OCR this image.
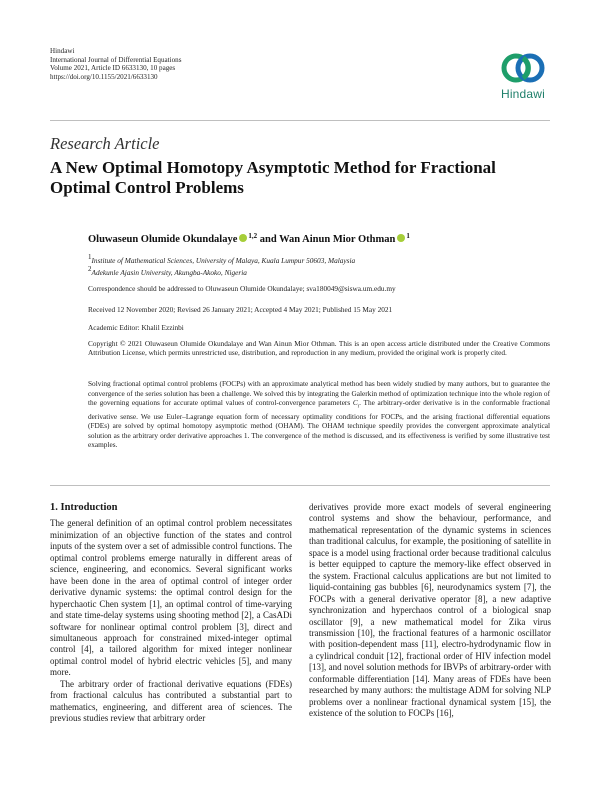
Hindawi
International Journal of Differential Equations
Volume 2021, Article ID 6633130, 10 pages
https://doi.org/10.1155/2021/6633130
Hindawi
Research Article
A New Optimal Homotopy Asymptotic Method for Fractional Optimal Control Problems
Oluwaseun Olumide Okundalaye $^{1,2}$ and Wan Ainun Mior Othman $^1$
1Institute of Mathematical Sciences, University of Malaya, Kuala Lumpur 50603, Malaysia
2Adekunle Ajasin University, Akungba-Akoko, Nigeria
Correspondence should be addressed to Oluwaseun Olumide Okundalaye; sva180049@siswa.um.edu.my
Received 12 November 2020; Revised 26 January 2021; Accepted 4 May 2021; Published 15 May 2021
Academic Editor: Khalil Ezzinbi
Copyright © 2021 Oluwaseun Olumide Okundalaye and Wan Ainun Mior Othman. This is an open access article distributed under the Creative Commons Attribution License, which permits unrestricted use, distribution, and reproduction in any medium, provided the original work is properly cited.
Solving fractional optimal control problems (FOCPs) with an approximate analytical method has been widely studied by many authors, but to guarantee the convergence of the series solution has been a challenge. We solved this by integrating the Galerkin method of optimization technique into the whole region of the governing equations for accurate optimal values of control-convergence parameters $C_i$. The arbitrary-order derivative is in the conformable fractional derivative sense. We use Euler–Lagrange equation form of necessary optimality conditions for FOCPs, and the arising fractional differential equations (FDEs) are solved by optimal homotopy asymptotic method (OHAM). The OHAM technique speedily provides the convergent approximate analytical solution as the arbitrary order derivative approaches 1. The convergence of the method is discussed, and its effectiveness is verified by some illustrative test examples.
1. Introduction

The general definition of an optimal control problem necessitates minimization of an objective function of the states and control inputs of the system over a set of admissible control functions. The optimal control problems emerge naturally in different areas of science, engineering, and economics. Several significant works have been done in the area of optimal control of integer order derivative dynamic systems: the optimal control design for the hyperchaotic Chen system [1], an optimal control of time-varying and state time-delay systems using shooting method [2], a CasADi software for nonlinear optimal control problem [3], direct and simultaneous approach for constrained mixed-integer optimal control [4], a tailored algorithm for mixed integer nonlinear optimal control model of hybrid electric vehicles [5], and many more.

The arbitrary order of fractional derivative equations (FDEs) from fractional calculus has contributed a substantial part to mathematics, engineering, and different area of sciences. The previous studies review that arbitrary order

derivatives provide more exact models of several engineering control systems and show the behaviour, performance, and mathematical representation of the dynamic systems in sciences than traditional calculus, for example, the positioning of satellite in space is a model using fractional order because traditional calculus is better equipped to capture the memory-like effect observed in the system. Fractional calculus applications are but not limited to liquid-containing gas bubbles [6], neurodynamics system [7], the FOCPs with a general derivative operator [8], a new adaptive synchronization and hyperchaos control of a biological snap oscillator [9], a new mathematical model for Zika virus transmission [10], the fractional features of a harmonic oscillator with position-dependent mass [11], electro-hydrodynamic flow in a cylindrical conduit [12], fractional order of HIV infection model [13], and novel solution methods for IBVPs of arbitrary-order with conformable differentiation [14]. Many areas of FDEs have been researched by many authors: the multistage ADM for solving NLP problems over a nonlinear fractional dynamical system [15], the existence of the solution to FOCPs [16],
